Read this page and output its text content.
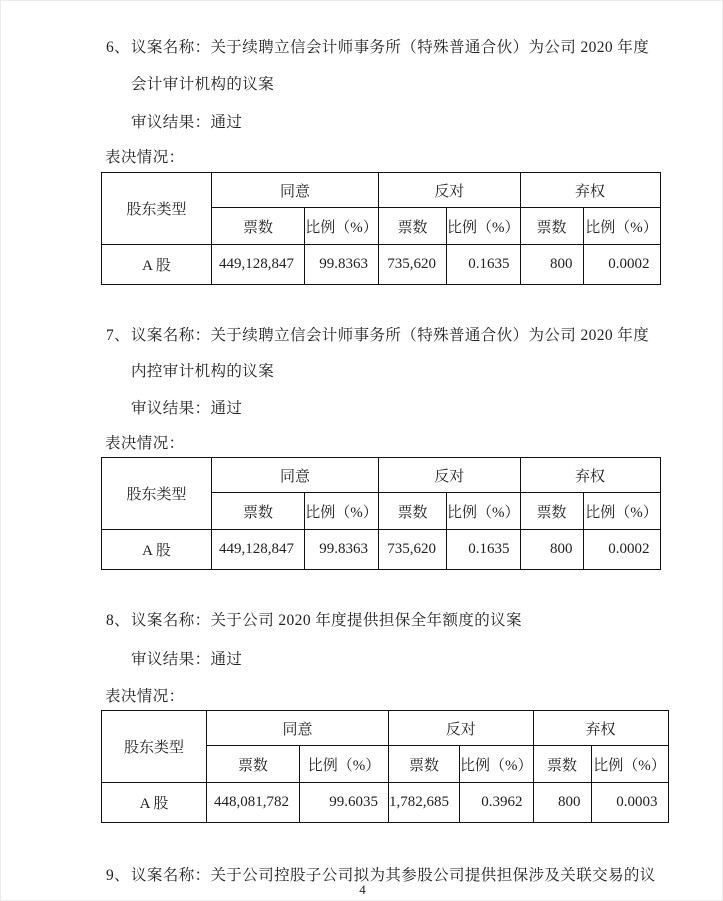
6、议案名称：关于续聘立信会计师事务所（特殊普通合伙）为公司 2020 年度
会计审计机构的议案
审议结果：通过
表决情况：
股东类型	同意		反对		弃权	
	票数	比例（%）	票数	比例（%）	票数	比例（%）
A 股	449,128,847	99.8363	735,620	0.1635	800	0.0002
7、议案名称：关于续聘立信会计师事务所（特殊普通合伙）为公司 2020 年度
内控审计机构的议案
审议结果：通过
表决情况：
股东类型	同意		反对		弃权	
	票数	比例（%）	票数	比例（%）	票数	比例（%）
A 股	449,128,847	99.8363	735,620	0.1635	800	0.0002
8、议案名称：关于公司 2020 年度提供担保全年额度的议案
审议结果：通过
表决情况：
股东类型	同意		反对		弃权	
	票数	比例（%）	票数	比例（%）	票数	比例（%）
A 股	448,081,782	99.6035	1,782,685	0.3962	800	0.0003
9、议案名称：关于公司控股子公司拟为其参股公司提供担保涉及关联交易的议
4
